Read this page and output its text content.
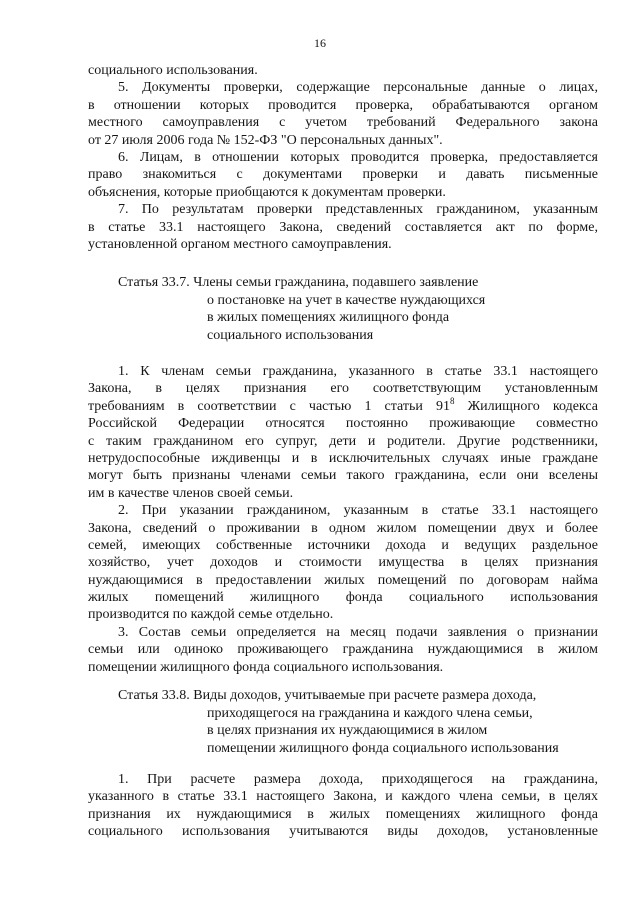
16
социального использования.
5. Документы проверки, содержащие персональные данные о лицах,
в отношении которых проводится проверка, обрабатываются органом
местного самоуправления с учетом требований Федерального закона
от 27 июля 2006 года № 152-ФЗ "О персональных данных".
6. Лицам, в отношении которых проводится проверка, предоставляется
право знакомиться с документами проверки и давать письменные
объяснения, которые приобщаются к документам проверки.
7. По результатам проверки представленных гражданином, указанным
в статье 33.1 настоящего Закона, сведений составляется акт по форме,
установленной органом местного самоуправления.
Статья 33.7. Члены семьи гражданина, подавшего заявление
о постановке на учет в качестве нуждающихся
в жилых помещениях жилищного фонда
социального использования
1. К членам семьи гражданина, указанного в статье 33.1 настоящего
Закона, в целях признания его соответствующим установленным
требованиям в соответствии с частью 1 статьи $91^8$ Жилищного кодекса
Российской Федерации относятся постоянно проживающие совместно
с таким гражданином его супруг, дети и родители. Другие родственники,
нетрудоспособные иждивенцы и в исключительных случаях иные граждане
могут быть признаны членами семьи такого гражданина, если они вселены
им в качестве членов своей семьи.
2. При указании гражданином, указанным в статье 33.1 настоящего
Закона, сведений о проживании в одном жилом помещении двух и более
семей, имеющих собственные источники дохода и ведущих раздельное
хозяйство, учет доходов и стоимости имущества в целях признания
нуждающимися в предоставлении жилых помещений по договорам найма
жилых помещений жилищного фонда социального использования
производится по каждой семье отдельно.
3. Состав семьи определяется на месяц подачи заявления о признании
семьи или одиноко проживающего гражданина нуждающимися в жилом
помещении жилищного фонда социального использования.
Статья 33.8. Виды доходов, учитываемые при расчете размера дохода,
приходящегося на гражданина и каждого члена семьи,
в целях признания их нуждающимися в жилом
помещении жилищного фонда социального использования
1. При расчете размера дохода, приходящегося на гражданина,
указанного в статье 33.1 настоящего Закона, и каждого члена семьи, в целях
признания их нуждающимися в жилых помещениях жилищного фонда
социального использования учитываются виды доходов, установленные
